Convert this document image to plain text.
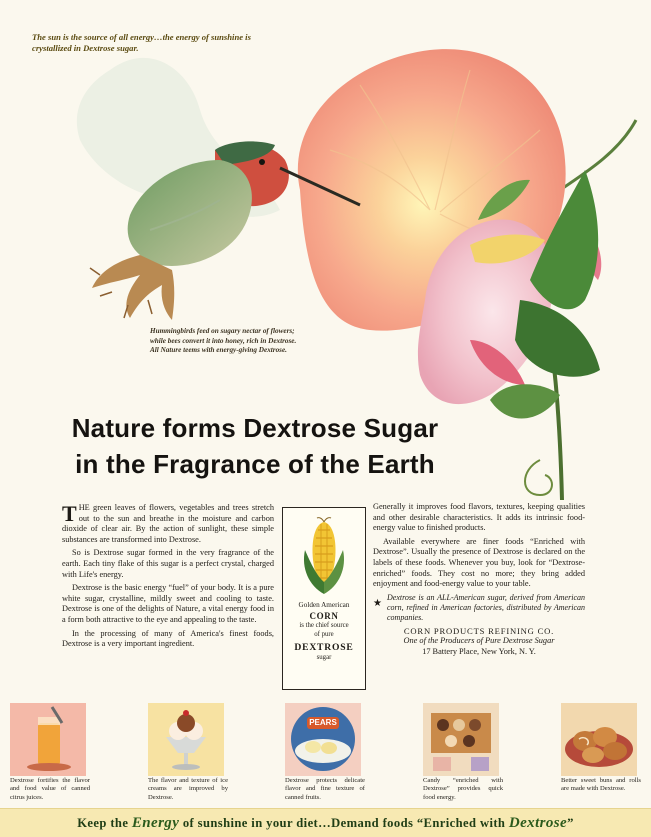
The sun is the source of all energy…the energy of sunshine is crystallized in Dextrose sugar.
Hummingbirds feed on sugary nectar of flowers;
while bees convert it into honey, rich in Dextrose.
All Nature teems with energy-giving Dextrose.
Nature forms Dextrose Sugar
in the Fragrance of the Earth

THE green leaves of flowers, vegetables and trees stretch out to the sun and breathe in the moisture and carbon dioxide of clear air. By the action of sunlight, these simple substances are transformed into Dextrose.

So is Dextrose sugar formed in the very fragrance of the earth. Each tiny flake of this sugar is a perfect crystal, charged with Life's energy.

Dextrose is the basic energy “fuel” of your body. It is a pure white sugar, crystalline, mildly sweet and cooling to taste. Dextrose is one of the delights of Nature, a vital energy food in a form both attractive to the eye and appealing to the taste.

In the processing of many of America's finest foods, Dextrose is a very important ingredient.

Golden American
CORN
is the chief source
of pure
DEXTROSE
sugar

Generally it improves food flavors, textures, keeping qualities and other desirable characteristics. It adds its intrinsic food-energy value to finished products.

Available everywhere are finer foods “Enriched with Dextrose”. Usually the presence of Dextrose is declared on the labels of these foods. Whenever you buy, look for “Dextrose-enriched” foods. They cost no more; they bring added enjoyment and food-energy value to your table.

★
Dextrose is an ALL-American sugar, derived from American corn, refined in American factories, distributed by American companies.

CORN PRODUCTS REFINING CO.
One of the Producers of Pure Dextrose Sugar
17 Battery Place, New York, N. Y.
Dextrose fortifies the flavor and food value of canned citrus juices.
The flavor and texture of ice creams are improved by Dextrose.
PEARS
Dextrose protects delicate flavor and fine texture of canned fruits.
Candy “enriched with Dextrose” provides quick food energy.
Better sweet buns and rolls are made with Dextrose.
Keep the Energy of sunshine in your diet…Demand foods “Enriched with Dextrose”
